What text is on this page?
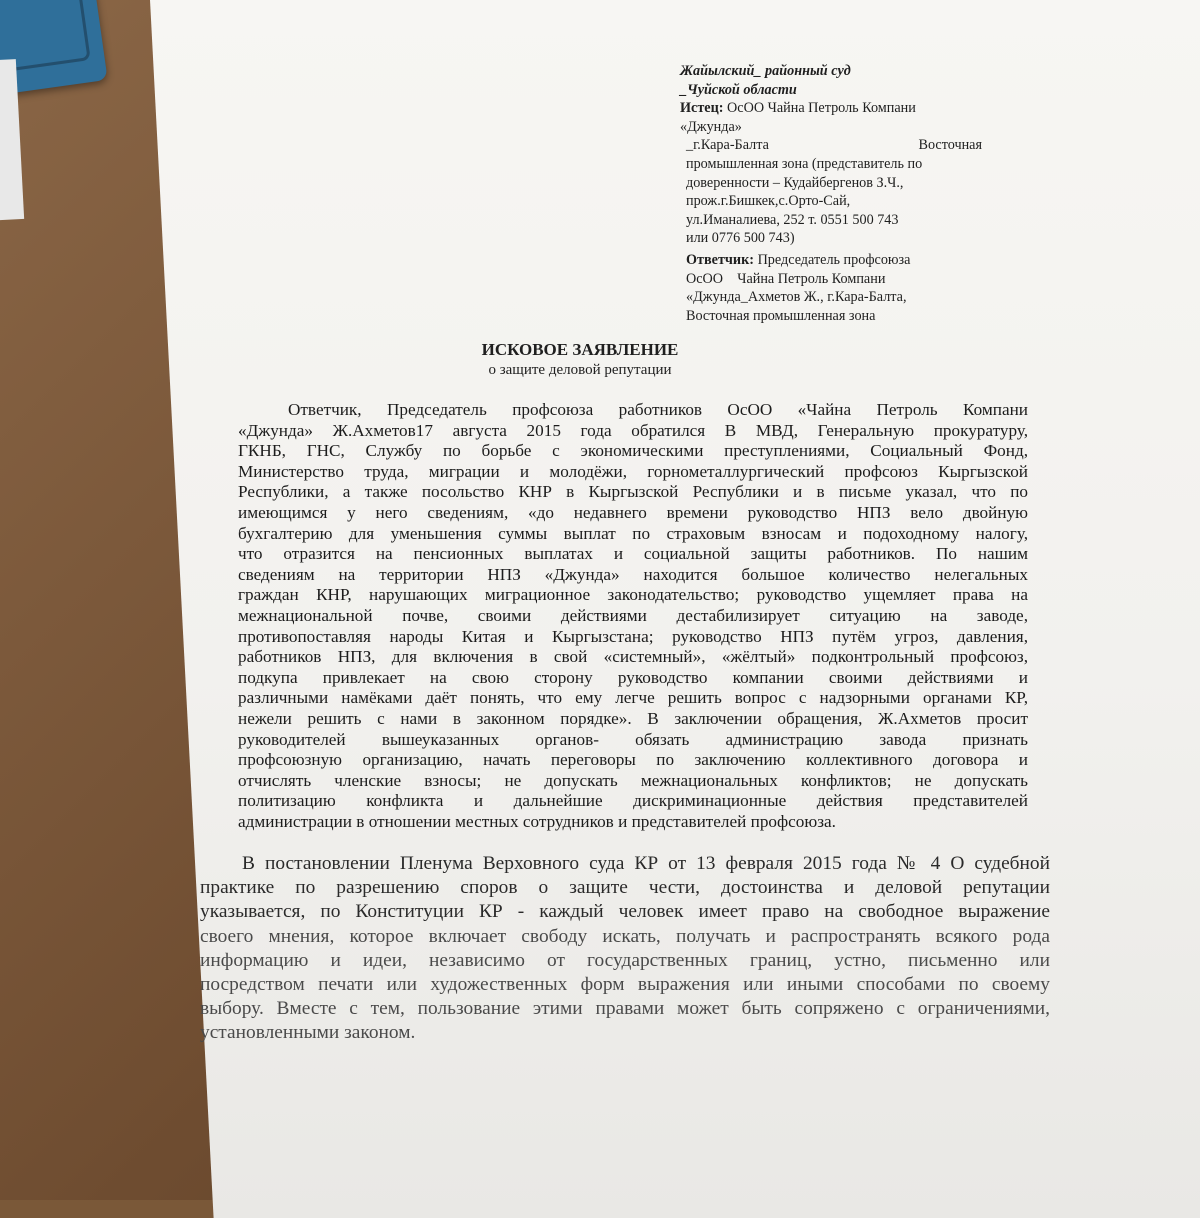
Жайылский_ районный суд
_Чуйской области
Истец: ОсОО Чайна Петроль Компани
«Джунда»
_г.Кара-Балта	Восточная
промышленная зона (представитель по
доверенности – Кудайбергенов З.Ч.,
прож.г.Бишкек,с.Орто-Сай,
ул.Иманалиева, 252 т. 0551 500 743
или 0776 500 743)
Ответчик: Председатель профсоюза
ОсОО    Чайна Петроль Компани
«Джунда_Ахметов Ж., г.Кара-Балта,
Восточная промышленная зона
ИСКОВОЕ ЗАЯВЛЕНИЕ
о защите деловой репутации
Ответчик, Председатель профсоюза работников ОсОО «Чайна Петроль Компани
«Джунда» Ж.Ахметов17 августа 2015 года обратился В МВД, Генеральную прокуратуру,
ГКНБ, ГНС, Службу по борьбе с экономическими преступлениями, Социальный Фонд,
Министерство труда, миграции и молодёжи, горнометаллургический профсоюз Кыргызской
Республики, а также посольство КНР в Кыргызской Республики и в письме указал, что по
имеющимся у него сведениям, «до недавнего времени руководство НПЗ вело двойную
бухгалтерию для уменьшения суммы выплат по страховым взносам и подоходному налогу,
что отразится на пенсионных выплатах и социальной защиты работников. По нашим
сведениям на территории НПЗ «Джунда» находится большое количество нелегальных
граждан КНР, нарушающих миграционное законодательство; руководство ущемляет права на
межнациональной почве, своими действиями дестабилизирует ситуацию на заводе,
противопоставляя народы Китая и Кыргызстана; руководство НПЗ путём угроз, давления,
работников НПЗ, для включения в свой «системный», «жёлтый» подконтрольный профсоюз,
подкупа привлекает на свою сторону руководство компании своими действиями и
различными намёками даёт понять, что ему легче решить вопрос с надзорными органами КР,
нежели решить с нами в законном порядке». В заключении обращения, Ж.Ахметов просит
руководителей вышеуказанных органов- обязать администрацию завода признать
профсоюзную организацию, начать переговоры по заключению коллективного договора и
отчислять членские взносы; не допускать межнациональных конфликтов; не допускать
политизацию конфликта и дальнейшие дискриминационные действия представителей
администрации в отношении местных сотрудников и представителей профсоюза.
В постановлении Пленума Верховного суда КР от 13 февраля 2015 года № 4 О судебной
практике по разрешению споров о защите чести, достоинства и деловой репутации
указывается, по Конституции КР - каждый человек имеет право на свободное выражение
своего мнения, которое включает свободу искать, получать и распространять всякого рода
информацию и идеи, независимо от государственных границ, устно, письменно или
посредством печати или художественных форм выражения или иными способами по своему
выбору. Вместе с тем, пользование этими правами может быть сопряжено с ограничениями,
установленными законом.
